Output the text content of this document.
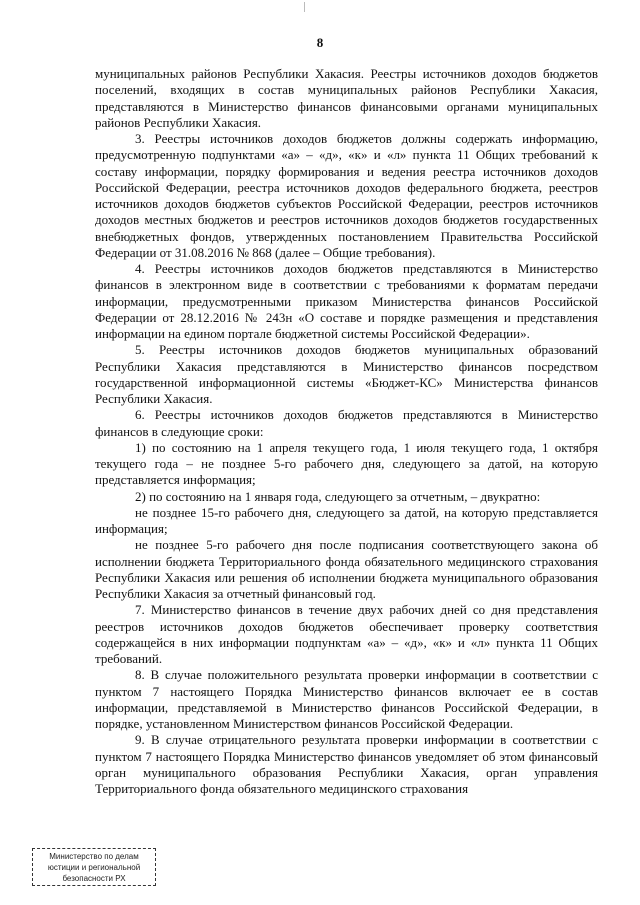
8

муниципальных районов Республики Хакасия. Реестры источников доходов бюджетов поселений, входящих в состав муниципальных районов Республики Хакасия, представляются в Министерство финансов финансовыми органами муниципальных районов Республики Хакасия.

3. Реестры источников доходов бюджетов должны содержать информацию, предусмотренную подпунктами «а» – «д», «к» и «л» пункта 11 Общих требований к составу информации, порядку формирования и ведения реестра источников доходов Российской Федерации, реестра источников доходов федерального бюджета, реестров источников доходов бюджетов субъектов Российской Федерации, реестров источников доходов местных бюджетов и реестров источников доходов бюджетов государственных внебюджетных фондов, утвержденных постановлением Правительства Российской Федерации от 31.08.2016 № 868 (далее – Общие требования).

4. Реестры источников доходов бюджетов представляются в Министерство финансов в электронном виде в соответствии с требованиями к форматам передачи информации, предусмотренными приказом Министерства финансов Российской Федерации от 28.12.2016 № 243н «О составе и порядке размещения и представления информации на едином портале бюджетной системы Российской Федерации».

5. Реестры источников доходов бюджетов муниципальных образований Республики Хакасия представляются в Министерство финансов посредством государственной информационной системы «Бюджет-КС» Министерства финансов Республики Хакасия.

6. Реестры источников доходов бюджетов представляются в Министерство финансов в следующие сроки:

1) по состоянию на 1 апреля текущего года, 1 июля текущего года, 1 октября текущего года – не позднее 5-го рабочего дня, следующего за датой, на которую представляется информация;

2) по состоянию на 1 января года, следующего за отчетным, – двукратно:

не позднее 15-го рабочего дня, следующего за датой, на которую представляется информация;

не позднее 5-го рабочего дня после подписания соответствующего закона об исполнении бюджета Территориального фонда обязательного медицинского страхования Республики Хакасия или решения об исполнении бюджета муниципального образования Республики Хакасия за отчетный финансовый год.

7. Министерство финансов в течение двух рабочих дней со дня представления реестров источников доходов бюджетов обеспечивает проверку соответствия содержащейся в них информации подпунктам «а» – «д», «к» и «л» пункта 11 Общих требований.

8. В случае положительного результата проверки информации в соответствии с пунктом 7 настоящего Порядка Министерство финансов включает ее в состав информации, представляемой в Министерство финансов Российской Федерации, в порядке, установленном Министерством финансов Российской Федерации.

9. В случае отрицательного результата проверки информации в соответствии с пунктом 7 настоящего Порядка Министерство финансов уведомляет об этом финансовый орган муниципального образования Республики Хакасия, орган управления Территориального фонда обязательного медицинского страхования

Министерство по делам
юстиции и региональной
безопасности РХ
